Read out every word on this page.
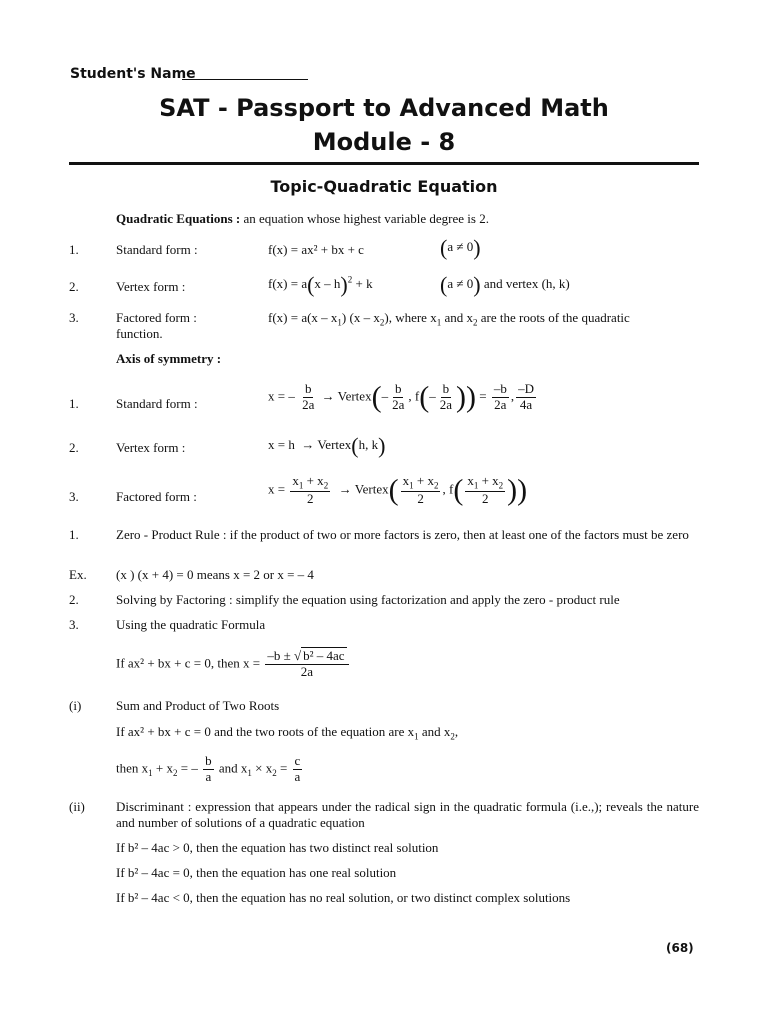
Student's Name
SAT - Passport to Advanced Math
Module - 8
Topic-Quadratic Equation
Quadratic Equations : an equation whose highest variable degree is 2.
1.	Standard form :	f(x) = ax² + bx + c	(a ≠ 0)
2.	Vertex form :	f(x) = a(x – h)$^2$ + k	(a ≠ 0) and vertex (h, k)
3.	Factored form :	$f(x) = a(x - x_1)$ $(x - x_2)$, where $x_1$ and $x_2$ are the roots of the quadratic
function.
Axis of symmetry :
1.	Standard form :
x = – $\frac{b}{2a}$ → Vertex(– $\frac{b}{2a}$ , $f(- \frac{b}{2a}$ )) = $\frac{-b}{2a}$ , $\frac{-D}{4a}$
2.	Vertex form :	x = h  → Vertex(h, k)
3.	Factored form :
$x = \frac{x_1 + x_2}{2}$ → Vertex( $\frac{x_1 + x_2}{2}$ , $f( \frac{x_1 + x_2}{2}$ ))
1.	Zero - Product Rule : if the product of two or more factors is zero, then at least one of the factors must be zero
Ex. (x ) (x + 4) = 0 means x = 2 or x = – 4
2.	Solving by Factoring : simplify the equation using factorization and apply the zero - product rule
3.	Using the quadratic Formula
If ax² + bx + c = 0, then $x = \frac{\text{–b ± √ b² – 4ac}}{2a}$
(i)	Sum and Product of Two Roots
If ax² + bx + c = 0 and the two roots of the equation are $x_1$ and $x_2$,
then $x_1 + x_2$ = – $\frac{b}{a}$ and $x_1 \times x_2 = \frac{c}{a}$
(ii) Discriminant : expression that appears under the radical sign in the quadratic formula (i.e.,); reveals the nature and number of solutions of a quadratic equation
If b² – 4ac > 0, then the equation has two distinct real solution
If b² – 4ac = 0, then the equation has one real solution
If b² – 4ac < 0, then the equation has no real solution, or two distinct complex solutions
(68)
